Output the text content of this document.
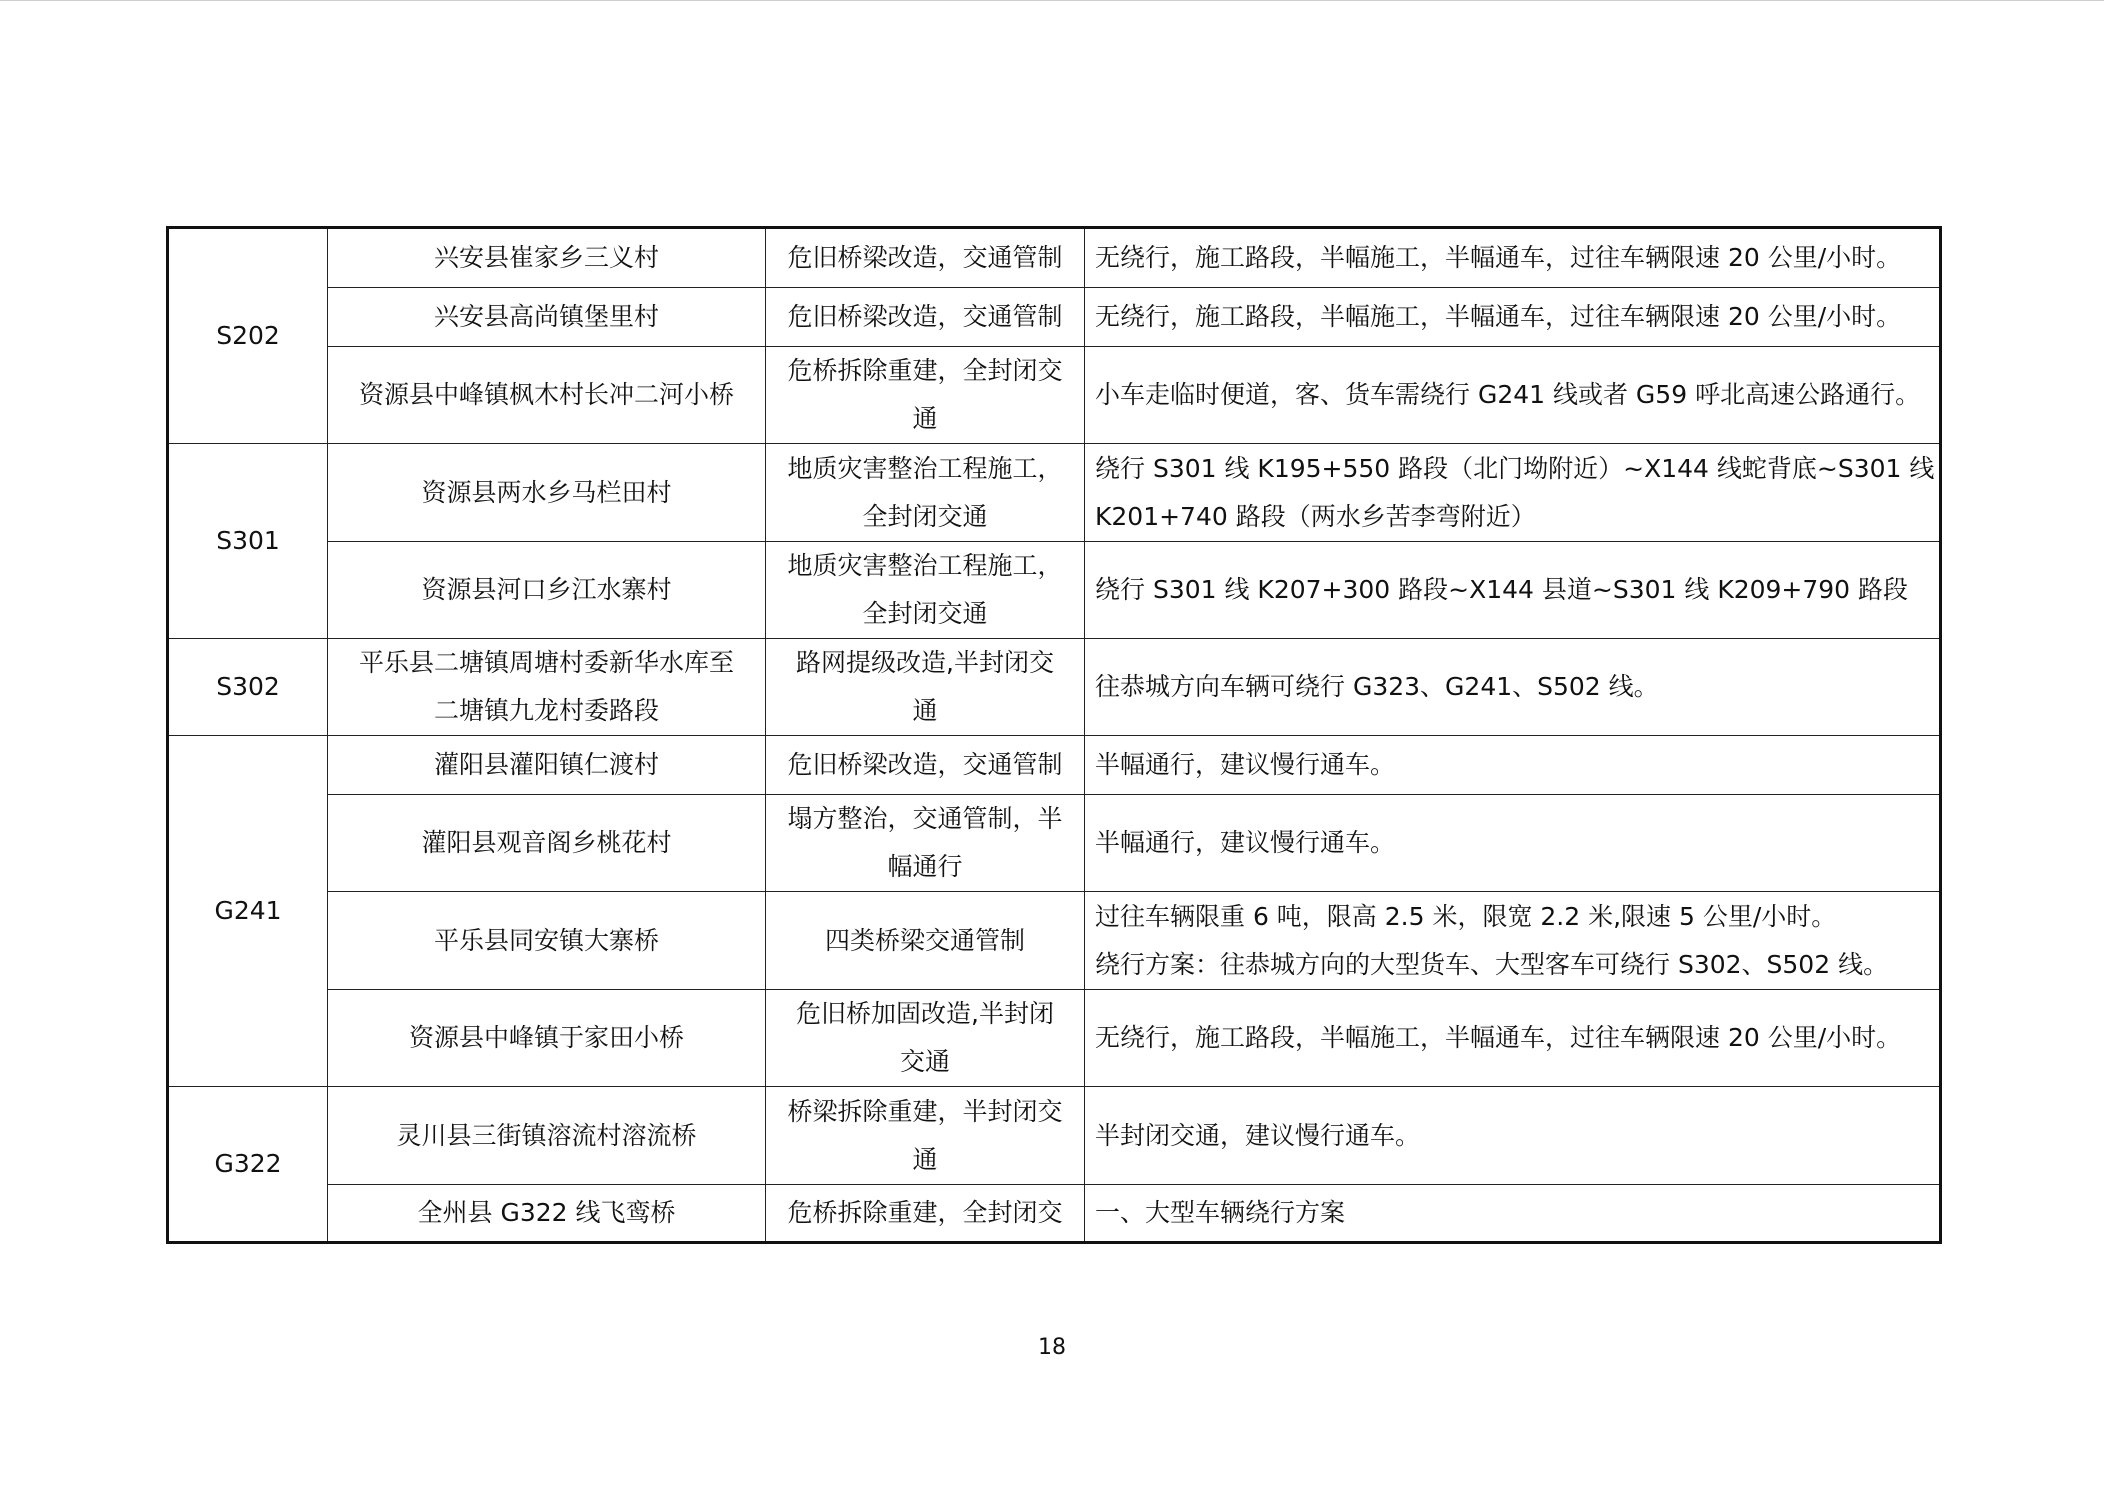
S202	兴安县崔家乡三义村	危旧桥梁改造，交通管制	无绕行，施工路段，半幅施工，半幅通车，过往车辆限速 20 公里/小时。

	兴安县高尚镇堡里村	危旧桥梁改造，交通管制	无绕行，施工路段，半幅施工，半幅通车，过往车辆限速 20 公里/小时。

	资源县中峰镇枫木村长冲二河小桥	危桥拆除重建，全封闭交
通	小车走临时便道，客、货车需绕行 G241 线或者 G59 呼北高速公路通行。

S301	资源县两水乡马栏田村	地质灾害整治工程施工，
全封闭交通	绕行 S301 线 K195+550 路段（北门坳附近）~X144 线蛇背底~S301 线
K201+740 路段（两水乡苦李弯附近）

	资源县河口乡江水寨村	地质灾害整治工程施工，
全封闭交通	绕行 S301 线 K207+300 路段~X144 县道~S301 线 K209+790 路段

S302	平乐县二塘镇周塘村委新华水库至
二塘镇九龙村委路段	路网提级改造,半封闭交
通	往恭城方向车辆可绕行 G323、G241、S502 线。

G241	灌阳县灌阳镇仁渡村	危旧桥梁改造，交通管制	半幅通行，建议慢行通车。

	灌阳县观音阁乡桃花村	塌方整治，交通管制，半
幅通行	半幅通行，建议慢行通车。

	平乐县同安镇大寨桥	四类桥梁交通管制	过往车辆限重 6 吨，限高 2.5 米，限宽 2.2 米,限速 5 公里/小时。
绕行方案：往恭城方向的大型货车、大型客车可绕行 S302、S502 线。

	资源县中峰镇于家田小桥	危旧桥加固改造,半封闭
交通	无绕行，施工路段，半幅施工，半幅通车，过往车辆限速 20 公里/小时。

G322	灵川县三街镇溶流村溶流桥	桥梁拆除重建，半封闭交
通	半封闭交通，建议慢行通车。

	全州县 G322 线飞鸾桥	危桥拆除重建，全封闭交	一、大型车辆绕行方案
18
